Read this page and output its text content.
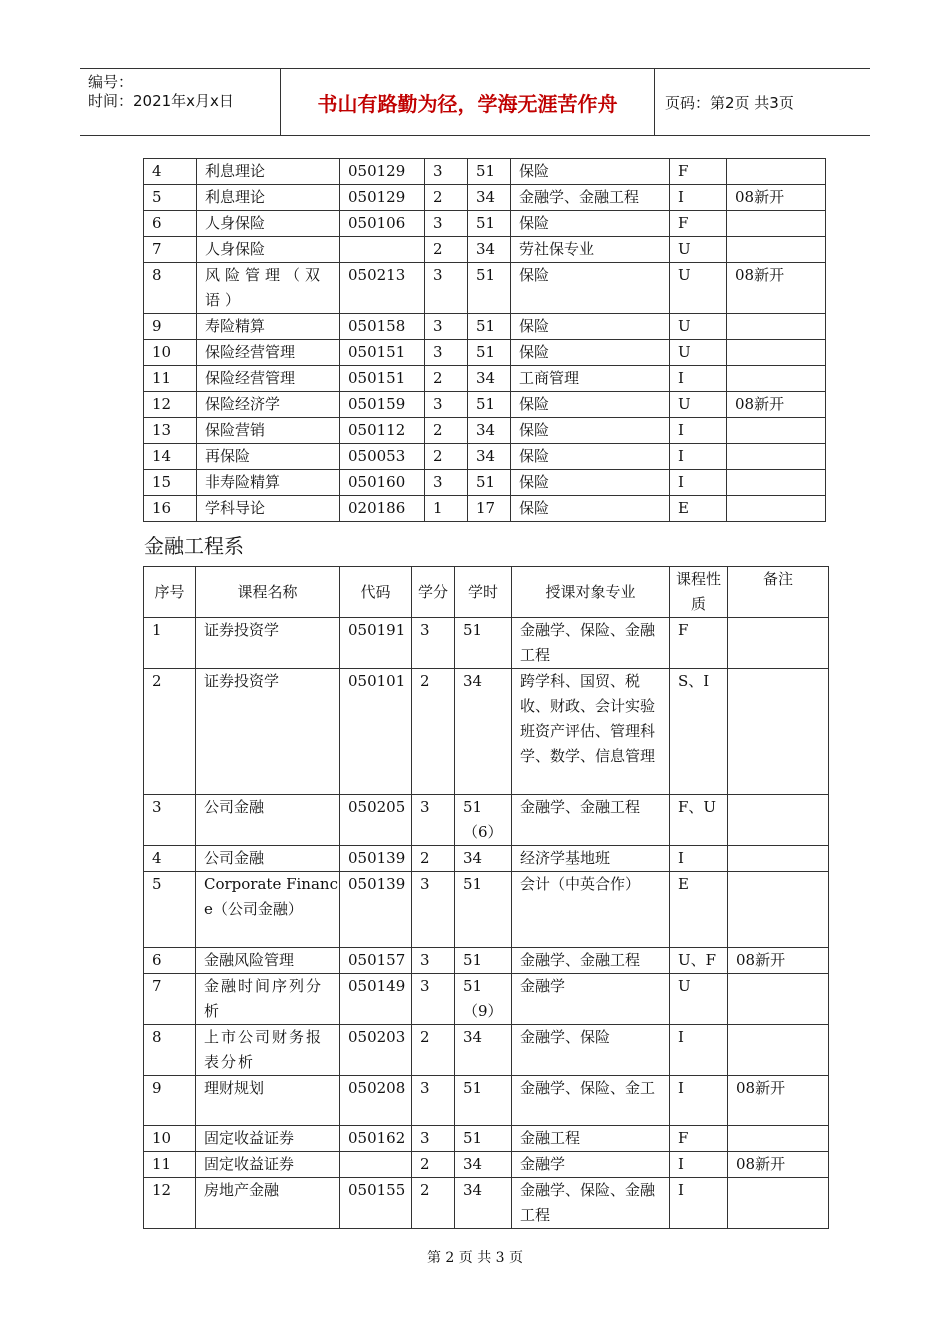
编号：
时间：2021年x月x日	书山有路勤为径，学海无涯苦作舟	页码：第2页 共3页
4	利息理论	050129	3	51	保险	F	
5	利息理论	050129	2	34	金融学、金融工程	I	08新开
6	人身保险	050106	3	51	保险	F	
7	人身保险		2	34	劳社保专业	U	
8	风险管理（双语）	050213	3	51	保险	U	08新开
9	寿险精算	050158	3	51	保险	U	
10	保险经营管理	050151	3	51	保险	U	
11	保险经营管理	050151	2	34	工商管理	I	
12	保险经济学	050159	3	51	保险	U	08新开
13	保险营销	050112	2	34	保险	I	
14	再保险	050053	2	34	保险	I	
15	非寿险精算	050160	3	51	保险	I	
16	学科导论	020186	1	17	保险	E	
金融工程系
序号	课程名称	代码	学分	学时	授课对象专业	课程性质	备注
1	证券投资学	050191	3	51	金融学、保险、金融工程	F	
2	证券投资学	050101	2	34	跨学科、国贸、税收、财政、会计实验班资产评估、管理科学、数学、信息管理	S、I	
3	公司金融	050205	3	51（6）	金融学、金融工程	F、U	
4	公司金融	050139	2	34	经济学基地班	I	
5	Corporate Finance（公司金融）	050139	3	51	会计（中英合作）	E	
6	金融风险管理	050157	3	51	金融学、金融工程	U、F	08新开
7	金融时间序列分析	050149	3	51（9）	金融学	U	
8	上市公司财务报表分析	050203	2	34	金融学、保险	I	
9	理财规划	050208	3	51	金融学、保险、金工	I	08新开
10	固定收益证券	050162	3	51	金融工程	F	
11	固定收益证券		2	34	金融学	I	08新开
12	房地产金融	050155	2	34	金融学、保险、金融工程	I	
第 2 页 共 3 页
